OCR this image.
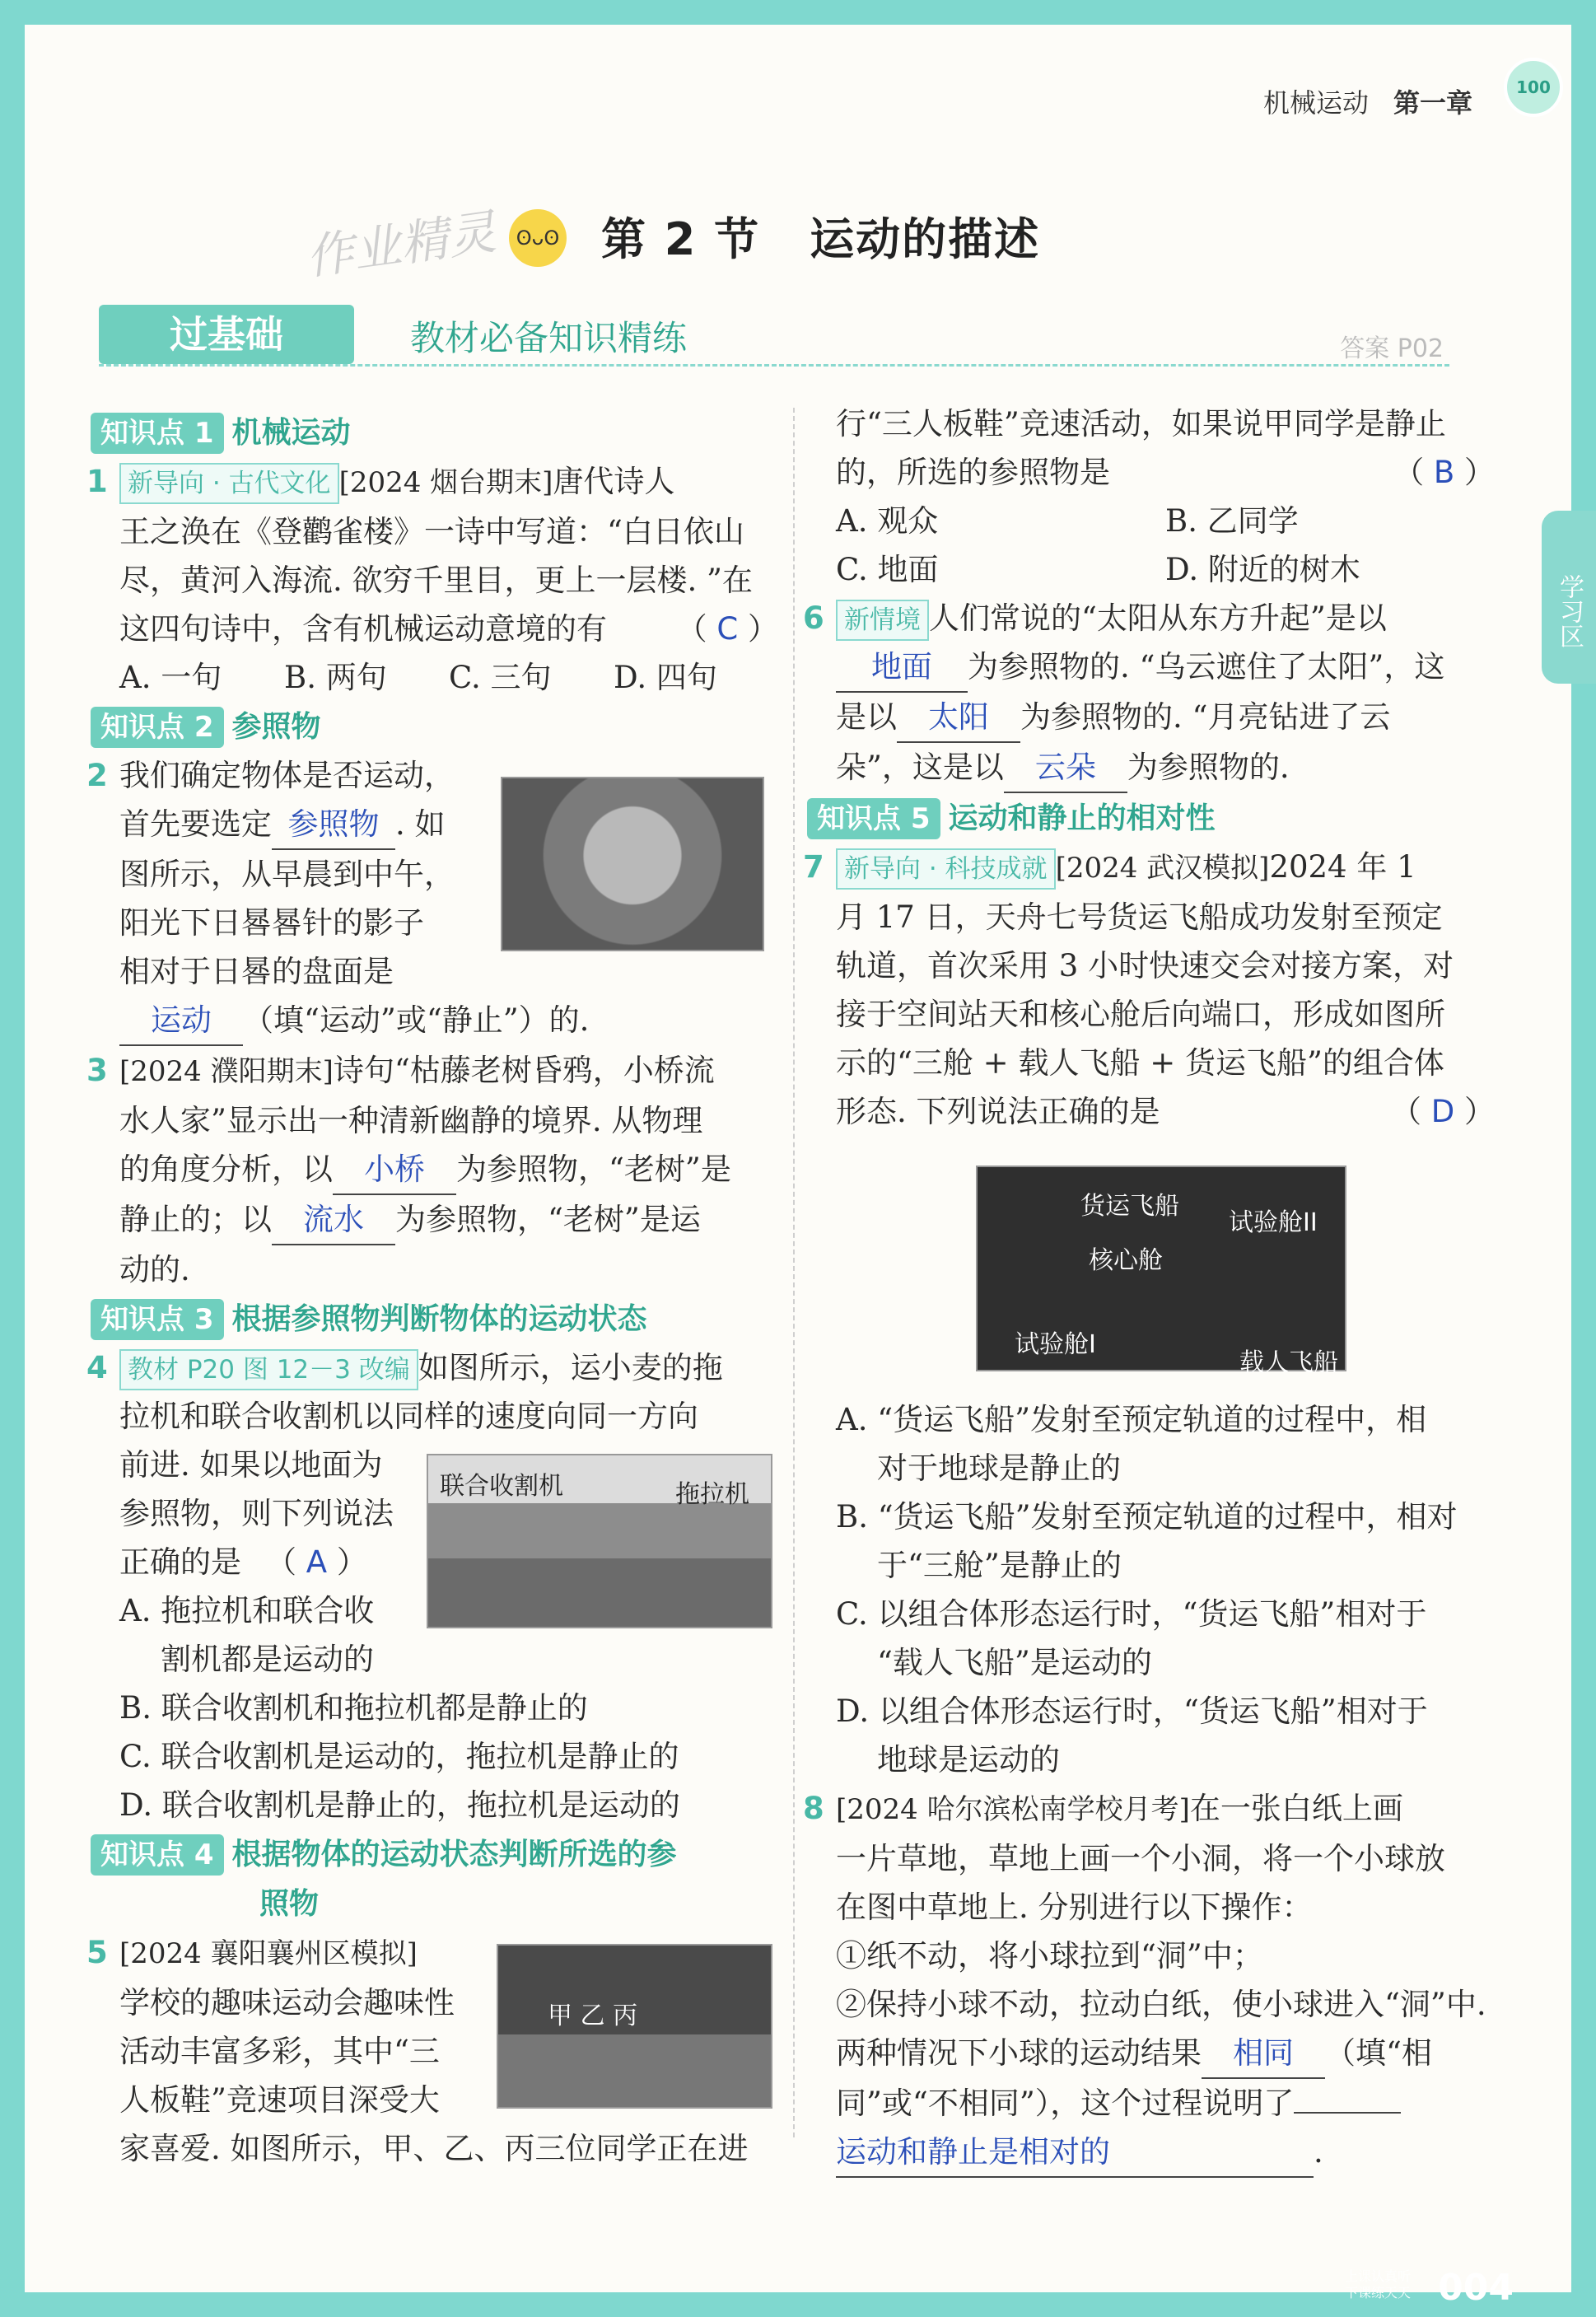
机械运动 第一章	100
学习区
作业精灵 ʘᴗʘ 第 2 节 运动的描述
过基础	教材必备知识精练	答案 P02

知识点 1 机械运动

1 新导向 · 古代文化 [2024 烟台期末]唐代诗人

王之涣在《登鹳雀楼》一诗中写道：“白日依山

尽，黄河入海流. 欲穷千里目，更上一层楼. ”在

这四句诗中，含有机械运动意境的有 （ C ）

A. 一句	B. 两句	C. 三句	D. 四句

知识点 2 参照物

2 我们确定物体是否运动，

首先要选定 参照物 . 如

图所示，从早晨到中午，

阳光下日晷晷针的影子

相对于日晷的盘面是

运动 （填“运动”或“静止”）的.

3 [2024 濮阳期末]诗句“枯藤老树昏鸦，小桥流

水人家”显示出一种清新幽静的境界. 从物理

的角度分析，以 小桥 为参照物，“老树”是

静止的；以 流水 为参照物，“老树”是运

动的.

知识点 3 根据参照物判断物体的运动状态

4 教材 P20 图 12－3 改编 如图所示，运小麦的拖

拉机和联合收割机以同样的速度向同一方向

前进. 如果以地面为

参照物，则下列说法

正确的是 （ A ）

A. 拖拉机和联合收

割机都是运动的

B. 联合收割机和拖拉机都是静止的

C. 联合收割机是运动的，拖拉机是静止的

D. 联合收割机是静止的，拖拉机是运动的

知识点 4 根据物体的运动状态判断所选的参

照物

5 [2024 襄阳襄州区模拟]

学校的趣味运动会趣味性

活动丰富多彩，其中“三

人板鞋”竞速项目深受大

家喜爱. 如图所示，甲、乙、丙三位同学正在进

联合收割机	拖拉机
甲 乙 丙

行“三人板鞋”竞速活动，如果说甲同学是静止

的，所选的参照物是	（ B ）

A. 观众	B. 乙同学
C. 地面	D. 附近的树木

6 新情境 人们常说的“太阳从东方升起”是以

地面 为参照物的. “乌云遮住了太阳”，这

是以 太阳 为参照物的. “月亮钻进了云

朵”，这是以 云朵 为参照物的.

知识点 5 运动和静止的相对性

7 新导向 · 科技成就 [2024 武汉模拟]2024 年 1

月 17 日，天舟七号货运飞船成功发射至预定

轨道，首次采用 3 小时快速交会对接方案，对

接于空间站天和核心舱后向端口，形成如图所

示的“三舱 + 载人飞船 + 货运飞船”的组合体

形态. 下列说法正确的是	（ D ）

A. “货运飞船”发射至预定轨道的过程中，相

对于地球是静止的

B. “货运飞船”发射至预定轨道的过程中，相对

于“三舱”是静止的

C. 以组合体形态运行时，“货运飞船”相对于

“载人飞船”是运动的

D. 以组合体形态运行时，“货运飞船”相对于

地球是运动的

8 [2024 哈尔滨松南学校月考]在一张白纸上画

一片草地，草地上画一个小洞，将一个小球放

在图中草地上. 分别进行以下操作：

①纸不动，将小球拉到“洞”中；

②保持小球不动，拉动白纸，使小球进入“洞”中.

两种情况下小球的运动结果 相同 （填“相

同”或“不相同”），这个过程说明了

运动和静止是相对的	.

货运飞船
试验舱II
核心舱
试验舱I
载人飞船
上课认真听
下课练天天 004
